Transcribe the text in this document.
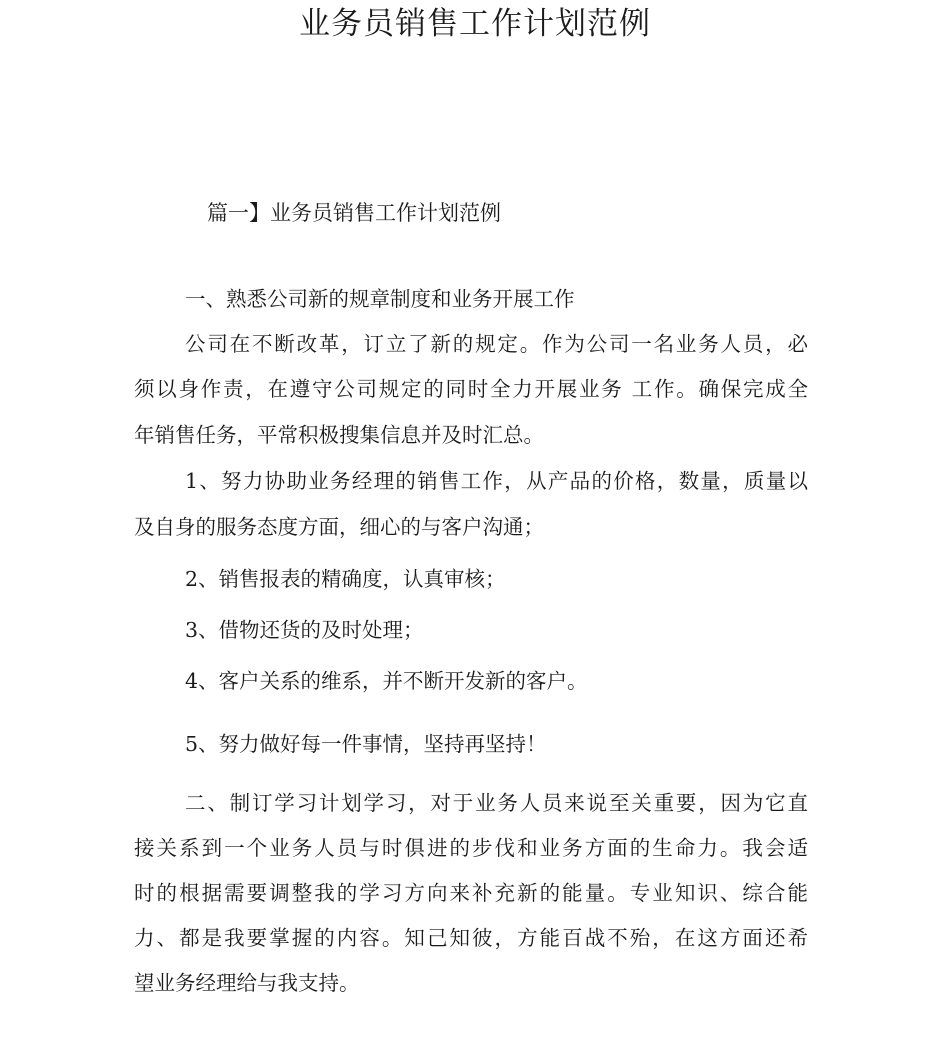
业务员销售工作计划范例
篇一】业务员销售工作计划范例
一、熟悉公司新的规章制度和业务开展工作
公司在不断改革，订立了新的规定。作为公司一名业务人员，必
须以身作责，在遵守公司规定的同时全力开展业务 工作。确保完成全
年销售任务，平常积极搜集信息并及时汇总。
1、努力协助业务经理的销售工作，从产品的价格，数量，质量以
及自身的服务态度方面，细心的与客户沟通；
2、销售报表的精确度，认真审核；
3、借物还货的及时处理；
4、客户关系的维系，并不断开发新的客户。
5、努力做好每一件事情，坚持再坚持！
二、制订学习计划学习，对于业务人员来说至关重要，因为它直
接关系到一个业务人员与时俱进的步伐和业务方面的生命力。我会适
时的根据需要调整我的学习方向来补充新的能量。专业知识、综合能
力、都是我要掌握的内容。知己知彼，方能百战不殆，在这方面还希
望业务经理给与我支持。
